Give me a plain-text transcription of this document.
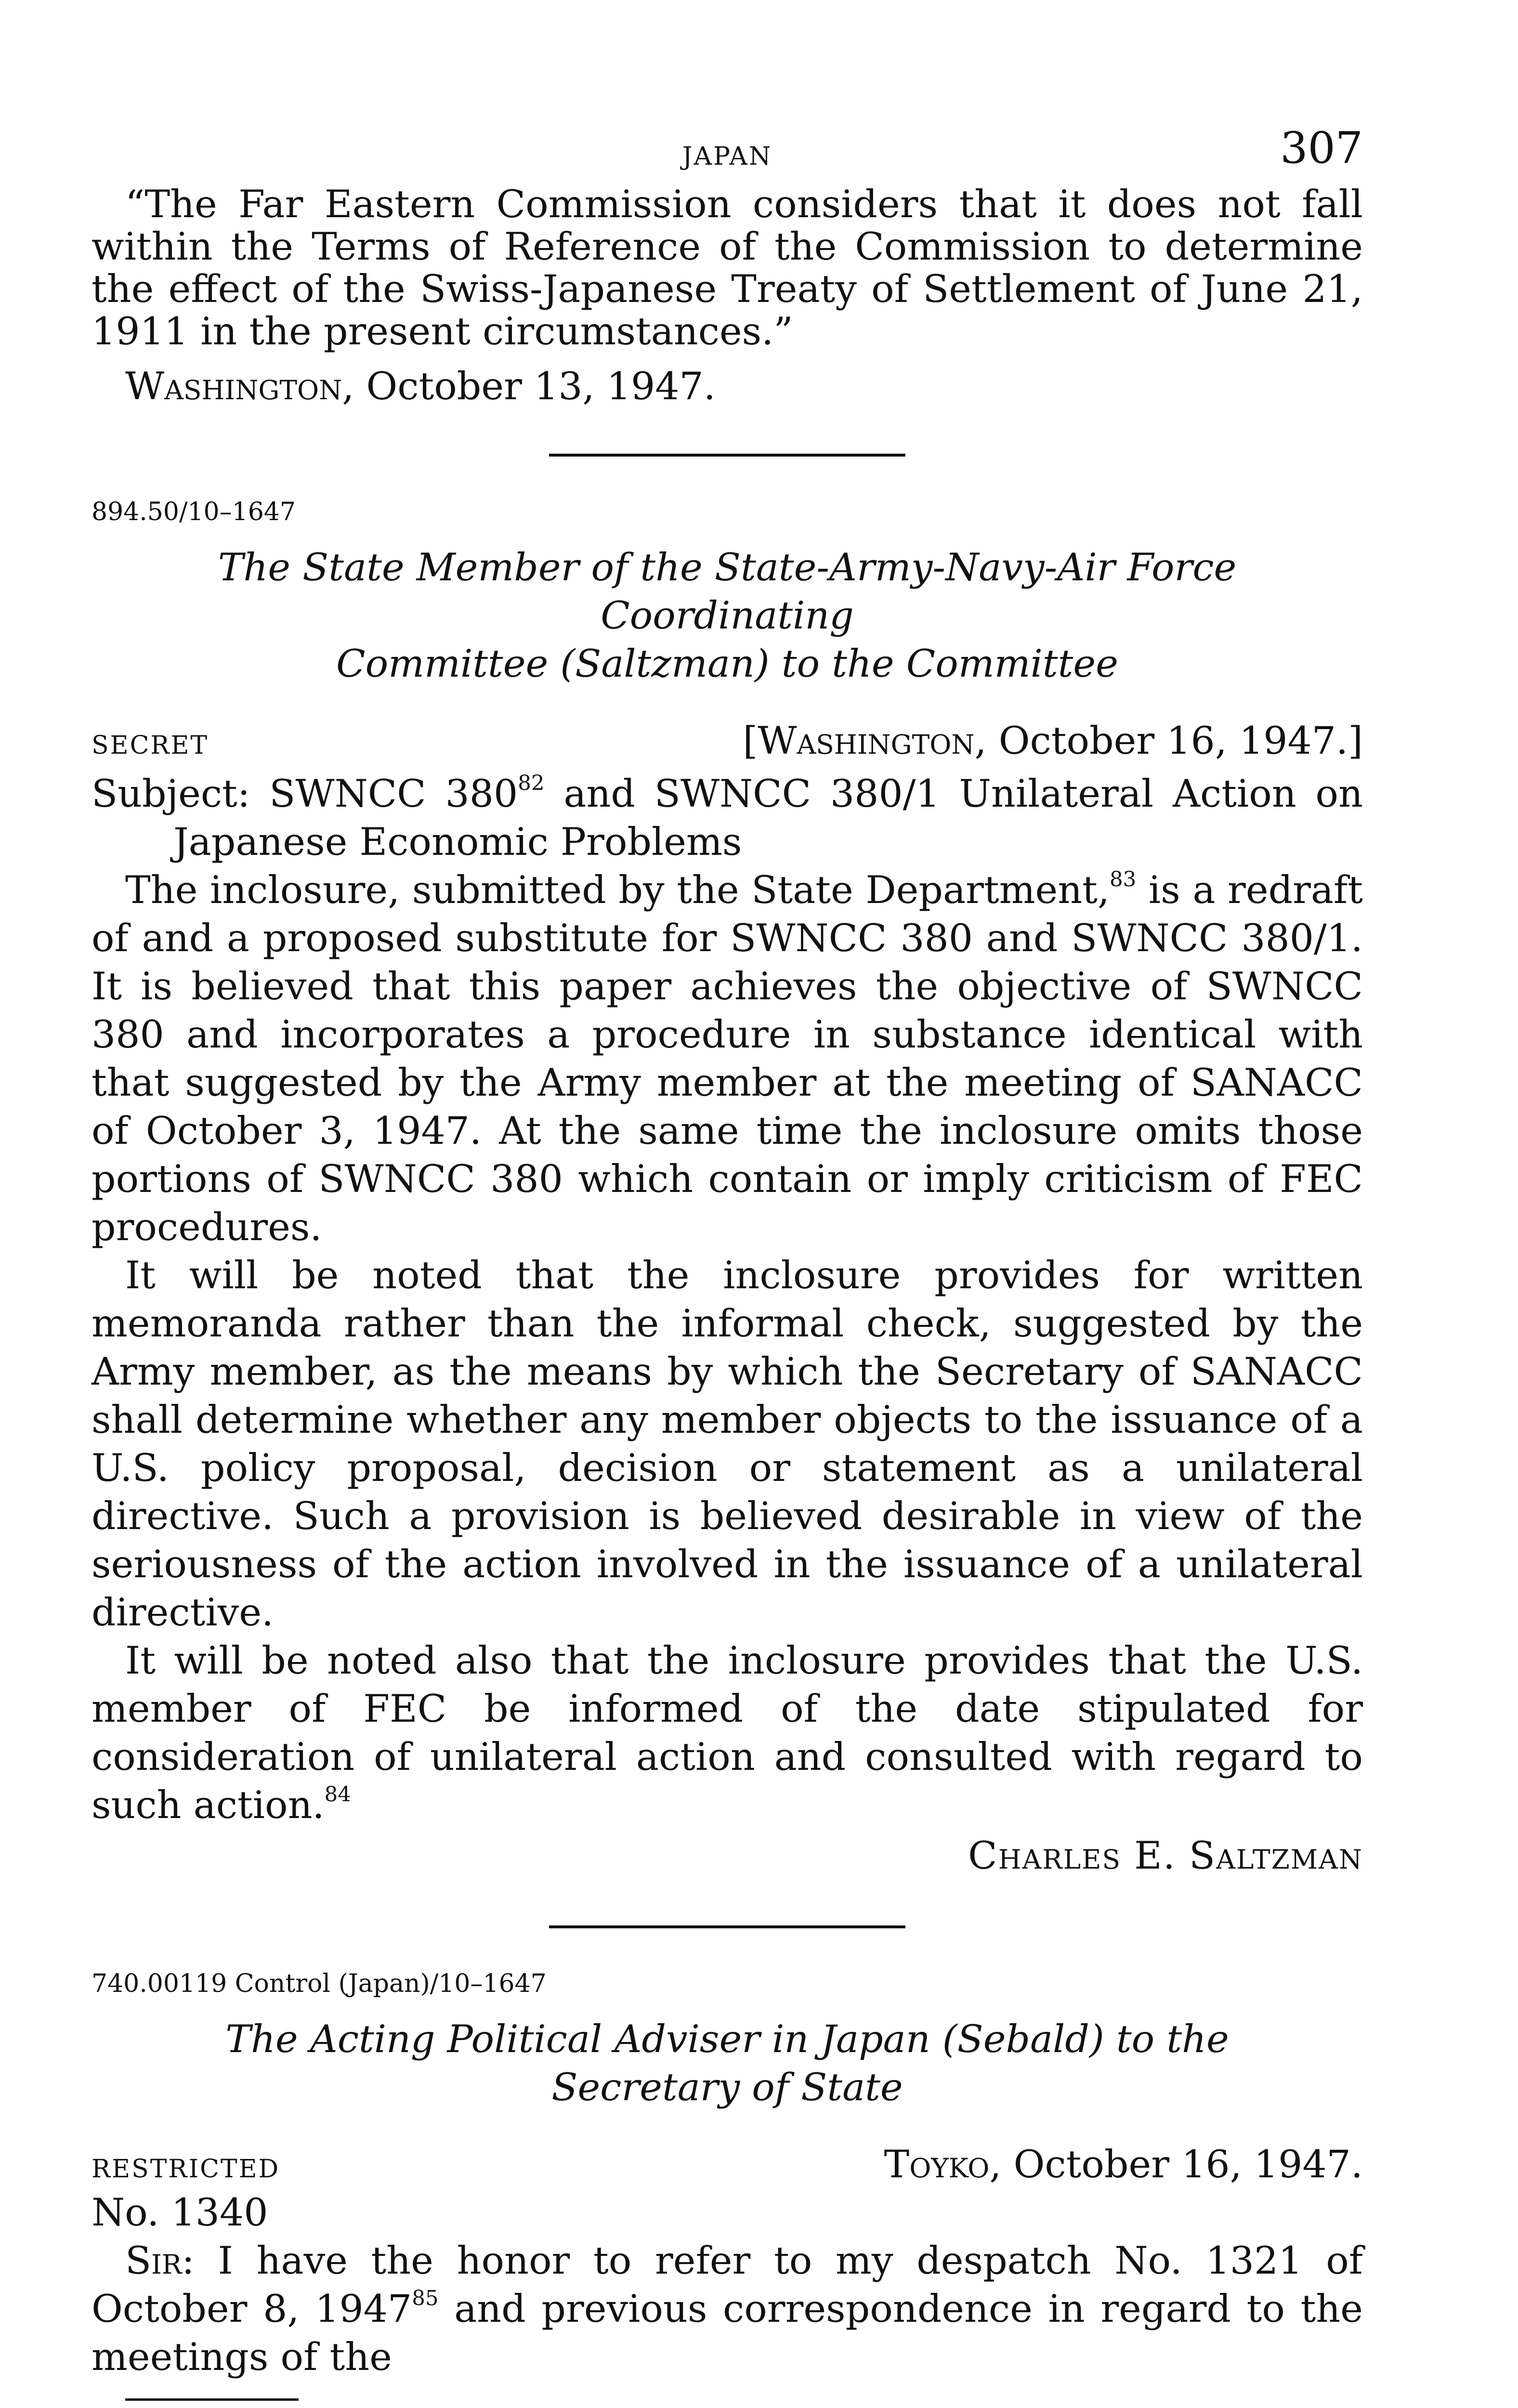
JAPAN	307

“The Far Eastern Commission considers that it does not fall within the Terms of Reference of the Commission to determine the effect of the Swiss-Japanese Treaty of Settlement of June 21, 1911 in the present circumstances.”

Washington, October 13, 1947.
894.50/10–1647
The State Member of the State-Army-Navy-Air Force Coordinating
Committee (Saltzman) to the Committee
SECRET	[Washington, October 16, 1947.]
Subject: SWNCC $380^{82}$ and SWNCC 380/1 Unilateral Action on Japanese Economic Problems

The inclosure, submitted by the State Department,$^{83}$ is a redraft of and a proposed substitute for SWNCC 380 and SWNCC 380/1. It is believed that this paper achieves the objective of SWNCC 380 and incorporates a procedure in substance identical with that suggested by the Army member at the meeting of SANACC of October 3, 1947. At the same time the inclosure omits those portions of SWNCC 380 which contain or imply criticism of FEC procedures.

It will be noted that the inclosure provides for written memoranda rather than the informal check, suggested by the Army member, as the means by which the Secretary of SANACC shall determine whether any member objects to the issuance of a U.S. policy proposal, decision or statement as a unilateral directive. Such a provision is believed desirable in view of the seriousness of the action involved in the issuance of a unilateral directive.

It will be noted also that the inclosure provides that the U.S. member of FEC be informed of the date stipulated for consideration of unilateral action and consulted with regard to such action.$^{84}$

Charles E. Saltzman
740.00119 Control (Japan)/10–1647
The Acting Political Adviser in Japan (Sebald) to the
Secretary of State
RESTRICTED	Toyko, October 16, 1947.
No. 1340

Sir: I have the honor to refer to my despatch No. 1321 of October 8, 1947$^{85}$ and previous correspondence in regard to the meetings of the
